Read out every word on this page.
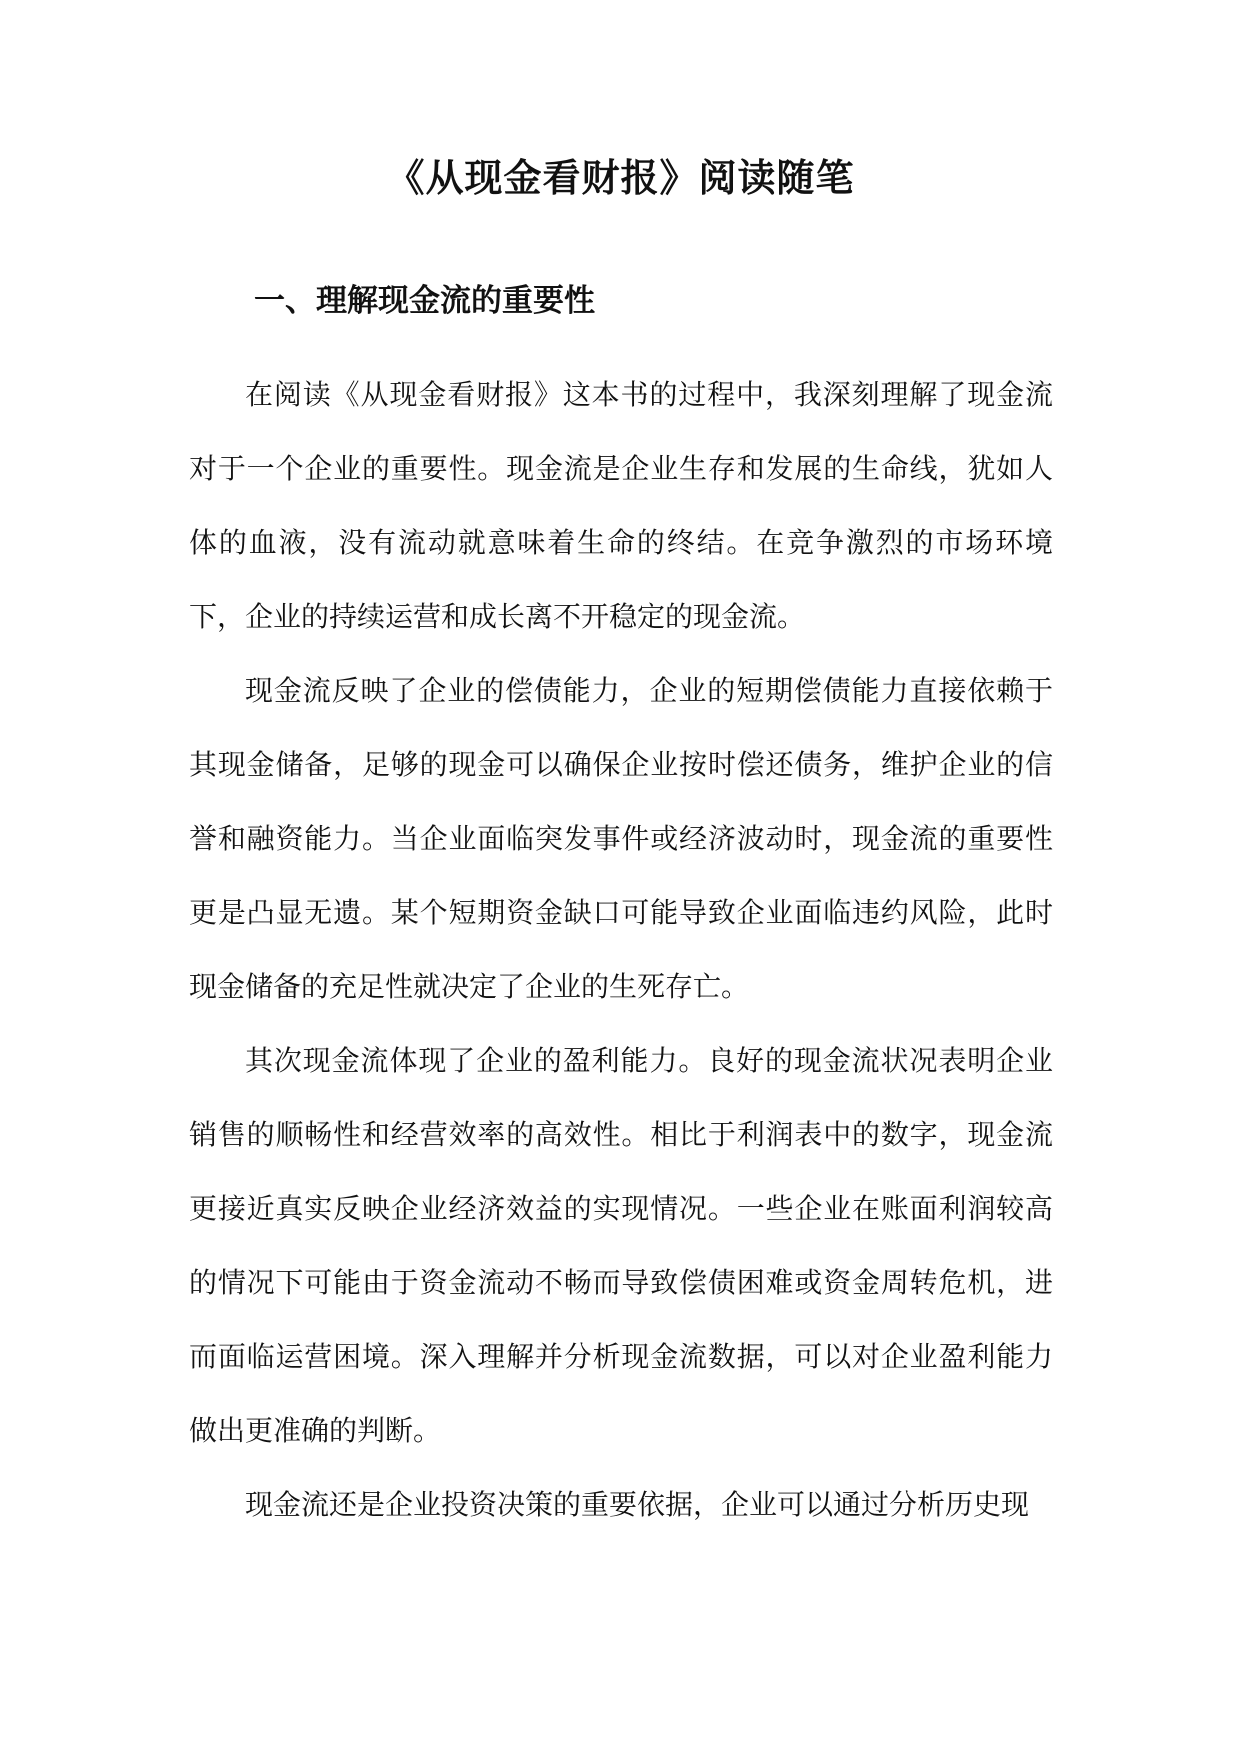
《从现金看财报》阅读随笔
一、理解现金流的重要性

在阅读《从现金看财报》这本书的过程中，我深刻理解了现金流对于一个企业的重要性。现金流是企业生存和发展的生命线，犹如人体的血液，没有流动就意味着生命的终结。在竞争激烈的市场环境下，企业的持续运营和成长离不开稳定的现金流。

现金流反映了企业的偿债能力，企业的短期偿债能力直接依赖于其现金储备，足够的现金可以确保企业按时偿还债务，维护企业的信誉和融资能力。当企业面临突发事件或经济波动时，现金流的重要性更是凸显无遗。某个短期资金缺口可能导致企业面临违约风险，此时现金储备的充足性就决定了企业的生死存亡。

其次现金流体现了企业的盈利能力。良好的现金流状况表明企业销售的顺畅性和经营效率的高效性。相比于利润表中的数字，现金流更接近真实反映企业经济效益的实现情况。一些企业在账面利润较高的情况下可能由于资金流动不畅而导致偿债困难或资金周转危机，进而面临运营困境。深入理解并分析现金流数据，可以对企业盈利能力做出更准确的判断。

现金流还是企业投资决策的重要依据，企业可以通过分析历史现
